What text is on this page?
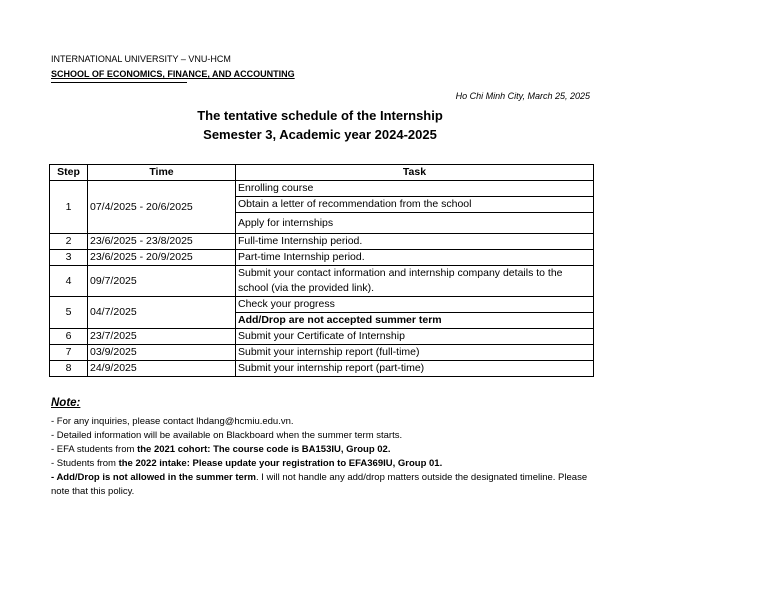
INTERNATIONAL UNIVERSITY – VNU-HCM
SCHOOL OF ECONOMICS, FINANCE, AND ACCOUNTING
Ho Chi Minh City, March 25, 2025
The tentative schedule of the Internship
Semester 3, Academic year 2024-2025
Step	Time	Task
1	07/4/2025 - 20/6/2025	Enrolling course
		Obtain a letter of recommendation from the school
		Apply for internships
2	23/6/2025 - 23/8/2025	Full-time Internship period.
3	23/6/2025 - 20/9/2025	Part-time Internship period.
4	09/7/2025	Submit your contact information and internship company details to the school (via the provided link).
5	04/7/2025	Check your progress
		Add/Drop are not accepted summer term
6	23/7/2025	Submit your Certificate of Internship
7	03/9/2025	Submit your internship report (full-time)
8	24/9/2025	Submit your internship report (part-time)
Note:
- For any inquiries, please contact lhdang@hcmiu.edu.vn.
- Detailed information will be available on Blackboard when the summer term starts.
- EFA students from the 2021 cohort: The course code is BA153IU, Group 02.
- Students from the 2022 intake: Please update your registration to EFA369IU, Group 01.
- Add/Drop is not allowed in the summer term. I will not handle any add/drop matters outside the designated timeline. Please note that this policy.
